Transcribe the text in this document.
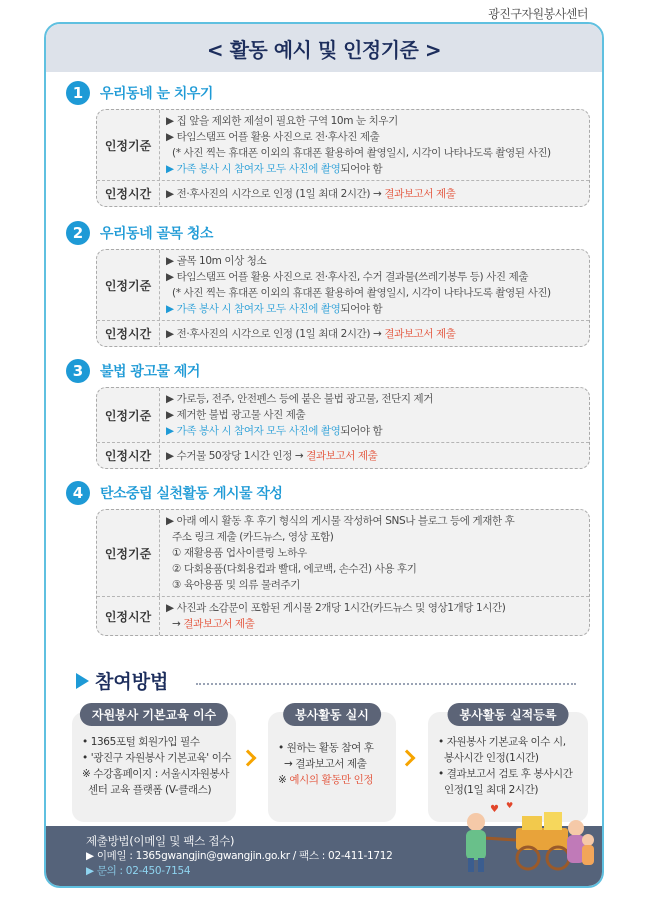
광진구자원봉사센터
< 활동 예시 및 인정기준 >
1	우리동네 눈 치우기
인정기준
▶ 집 앞을 제외한 제설이 필요한 구역 10m 눈 치우기
▶ 타임스탬프 어플 활용 사진으로 전·후사진 제출
(* 사진 찍는 휴대폰 이외의 휴대폰 활용하여 촬영일시, 시각이 나타나도록 촬영된 사진)
▶ 가족 봉사 시 참여자 모두 사진에 촬영되어야 함
인정시간	▶ 전·후사진의 시각으로 인정 (1일 최대 2시간) → 결과보고서 제출
2	우리동네 골목 청소
인정기준
▶ 골목 10m 이상 청소
▶ 타임스탬프 어플 활용 사진으로 전·후사진, 수거 결과물(쓰레기봉투 등) 사진 제출
(* 사진 찍는 휴대폰 이외의 휴대폰 활용하여 촬영일시, 시각이 나타나도록 촬영된 사진)
▶ 가족 봉사 시 참여자 모두 사진에 촬영되어야 함
인정시간	▶ 전·후사진의 시각으로 인정 (1일 최대 2시간) → 결과보고서 제출
3	불법 광고물 제거
인정기준
▶ 가로등, 전주, 안전펜스 등에 붙은 불법 광고물, 전단지 제거
▶ 제거한 불법 광고물 사진 제출
▶ 가족 봉사 시 참여자 모두 사진에 촬영되어야 함
인정시간	▶ 수거물 50장당 1시간 인정 → 결과보고서 제출
4	탄소중립 실천활동 게시물 작성
인정기준
▶ 아래 예시 활동 후 후기 형식의 게시물 작성하여 SNS나 블로그 등에 게재한 후
주소 링크 제출 (카드뉴스, 영상 포함)
① 재활용품 업사이클링 노하우
② 다회용품(다회용컵과 빨대, 에코백, 손수건) 사용 후기
③ 육아용품 및 의류 물려주기
인정시간
▶ 사진과 소감문이 포함된 게시물 2개당 1시간(카드뉴스 및 영상1개당 1시간)
→ 결과보고서 제출
참여방법
자원봉사 기본교육 이수
• 1365포털 회원가입 필수
• '광진구 자원봉사 기본교육' 이수
※ 수강홈페이지 : 서울시자원봉사
센터 교육 플랫폼 (V-클래스)
봉사활동 실시
• 원하는 활동 참여 후
→ 결과보고서 제출
※ 예시의 활동만 인정
봉사활동 실적등록
• 자원봉사 기본교육 이수 시,
봉사시간 인정(1시간)
• 결과보고서 검토 후 봉사시간
인정(1일 최대 2시간)
제출방법(이메일 및 팩스 접수)
▶ 이메일 : 1365gwangjin@gwangjin.go.kr / 팩스 : 02-411-1712
▶ 문의 : 02-450-7154
♥ ♥
